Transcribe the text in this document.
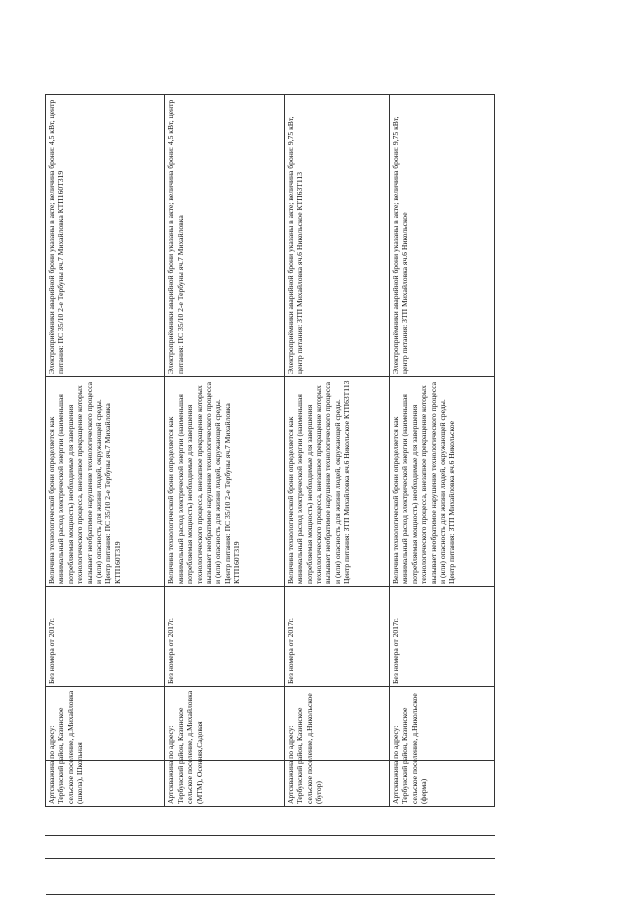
	Артскважина по адресу: Тербунский район, Казинское сельское поселение, д.Михайловка (школа), Школьная	Без номера от 2017г.	Величина технологической брони определяется как минимальный расход электрической энергии (наименьшая потребляемая мощность) необходимые для завершения технологического процесса, внезапное прекращение которых вызывает необратимое нарушение технологического процесса и (или) опасность для жизни людей, окружающей среды. Центр питания: ПС 35/10 2-е Тербуны яч.7 Михайловка КТП160Т319	Электроприёмники аварийной брони указаны в акте; величина брони: 4,5 кВт, центр питания: ПС 35/10 2-е Тербуны яч.7 Михайловка КТП160Т319
	Артскважина по адресу: Тербунский район, Казинское сельское поселение, д.Михайловка (МТМ), Осенняя,Садовая	Без номера от 2017г.	Величина технологической брони определяется как минимальный расход электрической энергии (наименьшая потребляемая мощность) необходимые для завершения технологического процесса, внезапное прекращение которых вызывает необратимое нарушение технологического процесса и (или) опасность для жизни людей, окружающей среды. Центр питания: ПС 35/10 2-е Тербуны яч.7 Михайловка КТП160Т319	Электроприёмники аварийной брони указаны в акте; величина брони: 4,5 кВт, центр питания: ПС 35/10 2-е Тербуны яч.7 Михайловка
	Артскважина по адресу: Тербунский район, Казинское сельское поселение, д.Никольское (бугор)	Без номера от 2017г.	Величина технологической брони определяется как минимальный расход электрической энергии (наименьшая потребляемая мощность) необходимые для завершения технологического процесса, внезапное прекращение которых вызывает необратимое нарушение технологического процесса и (или) опасность для жизни людей, окружающей среды. Центр питания: ЗТП Михайловка яч.6 Никольское КТП63Т113	Электроприёмники аварийной брони указаны в акте; величина брони: 9,75 кВт, центр питания: ЗТП Михайловка яч.6 Никольское КТП63Т113
	Артскважина по адресу: Тербунский район, Казинское сельское поселение, д.Никольское (ферма)	Без номера от 2017г.	Величина технологической брони определяется как минимальный расход электрической энергии (наименьшая потребляемая мощность) необходимые для завершения технологического процесса, внезапное прекращение которых вызывает необратимое нарушение технологического процесса и (или) опасность для жизни людей, окружающей среды. Центр питания: ЗТП Михайловка яч.6 Никольское	Электроприёмники аварийной брони указаны в акте; величина брони: 9,75 кВт, центр питания: ЗТП Михайловка яч.6 Никольское
